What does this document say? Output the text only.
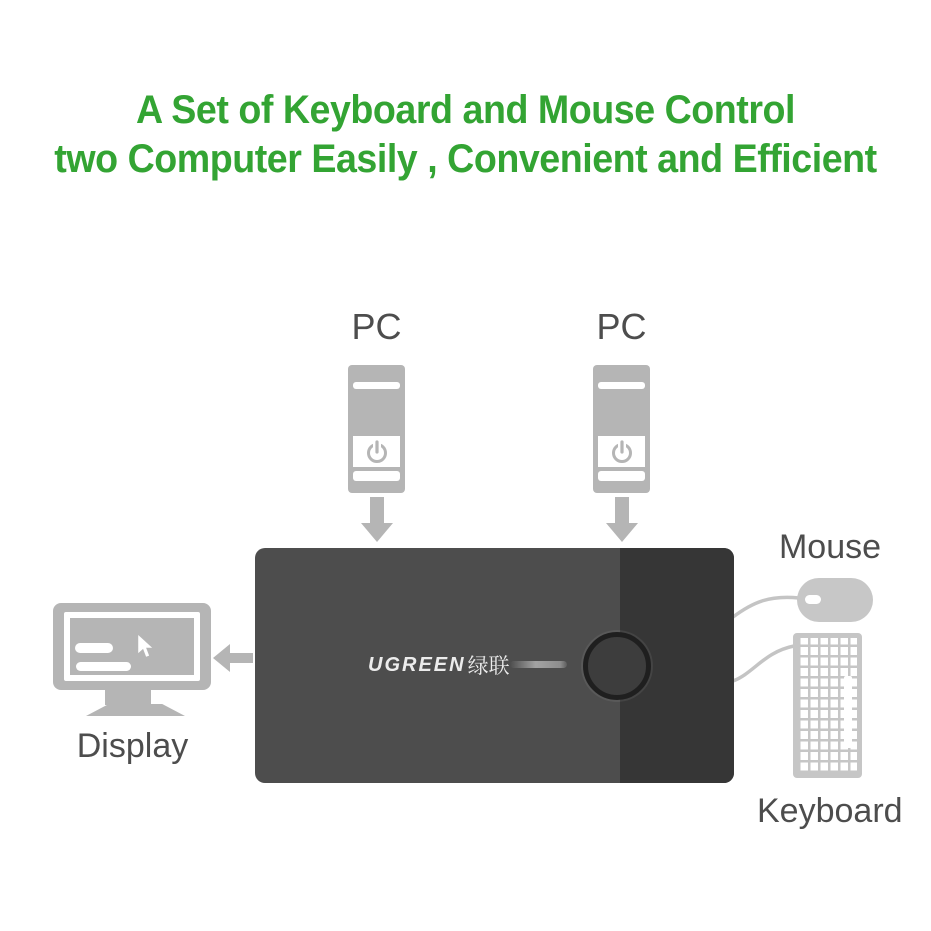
A Set of Keyboard and Mouse Control
two Computer Easily , Convenient and Efficient
PC	PC
UGREEN 绿联
Display
Mouse
Keyboard
